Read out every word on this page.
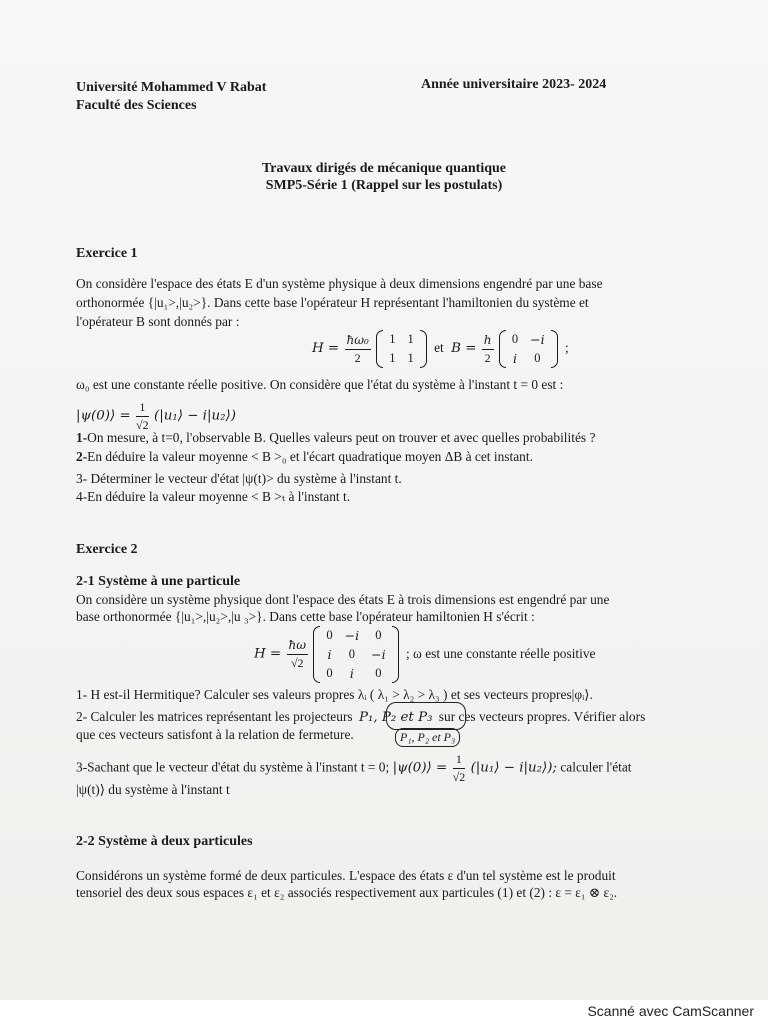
Université Mohammed V Rabat
Faculté des Sciences
Année universitaire 2023- 2024
Travaux dirigés de mécanique quantique
SMP5-Série 1 (Rappel sur les postulats)
Exercice 1
On considère l'espace des états E d'un système physique à deux dimensions engendré par une base
orthonormée {|u₁>,|u₂>}. Dans cette base l'opérateur H représentant l'hamiltonien du système et
l'opérateur B sont donnés par :
$H = \frac{\text{ħω₀}}{2}$
1	1
1	1
et $B = \frac{h}{2}$
0	−i
i	0
;
ω₀ est une constante réelle positive. On considère que l'état du système à l'instant t = 0 est :
|ψ(0)⟩ = $\frac{1}{√2}$ (|u₁⟩ − i|u₂⟩)
1-On mesure, à t=0, l'observable B. Quelles valeurs peut on trouver et avec quelles probabilités ?
2-En déduire la valeur moyenne < B >₀ et l'écart quadratique moyen ΔB à cet instant.
3- Déterminer le vecteur d'état |ψ(t)> du système à l'instant t.
4-En déduire la valeur moyenne < B >ₜ à l'instant t.
Exercice 2
2-1 Système à une particule
On considère un système physique dont l'espace des états E à trois dimensions est engendré par une
base orthonormée {|u₁>,|u₂>,|u ₃>}. Dans cette base l'opérateur hamiltonien H s'écrit :
$H = \frac{ħ\omega}{√2}$

0	−i	0
i	0	−i
0	i	0
; ω est une constante réelle positive
1- H est-il Hermitique? Calculer ses valeurs propres λᵢ ( λ₁ > λ₂ > λ₃ ) et ses vecteurs propres|φᵢ⟩.
2- Calculer les matrices représentant les projecteurs P₁, P₂ et P₃ sur ces vecteurs propres. Vérifier alors
que ces vecteurs satisfont à la relation de fermeture.	P₁, P₂ et P₃
3-Sachant que le vecteur d'état du système à l'instant t = 0; |ψ(0)⟩ = $\frac{1}{√2}$ (|u₁⟩ − i|u₂⟩); calculer l'état
|ψ(t)⟩ du système à l'instant t
2-2 Système à deux particules
Considérons un système formé de deux particules. L'espace des états ε d'un tel système est le produit
tensoriel des deux sous espaces ε₁ et ε₂ associés respectivement aux particules (1) et (2) : ε = ε₁ ⊗ ε₂.
Scanné avec CamScanner
